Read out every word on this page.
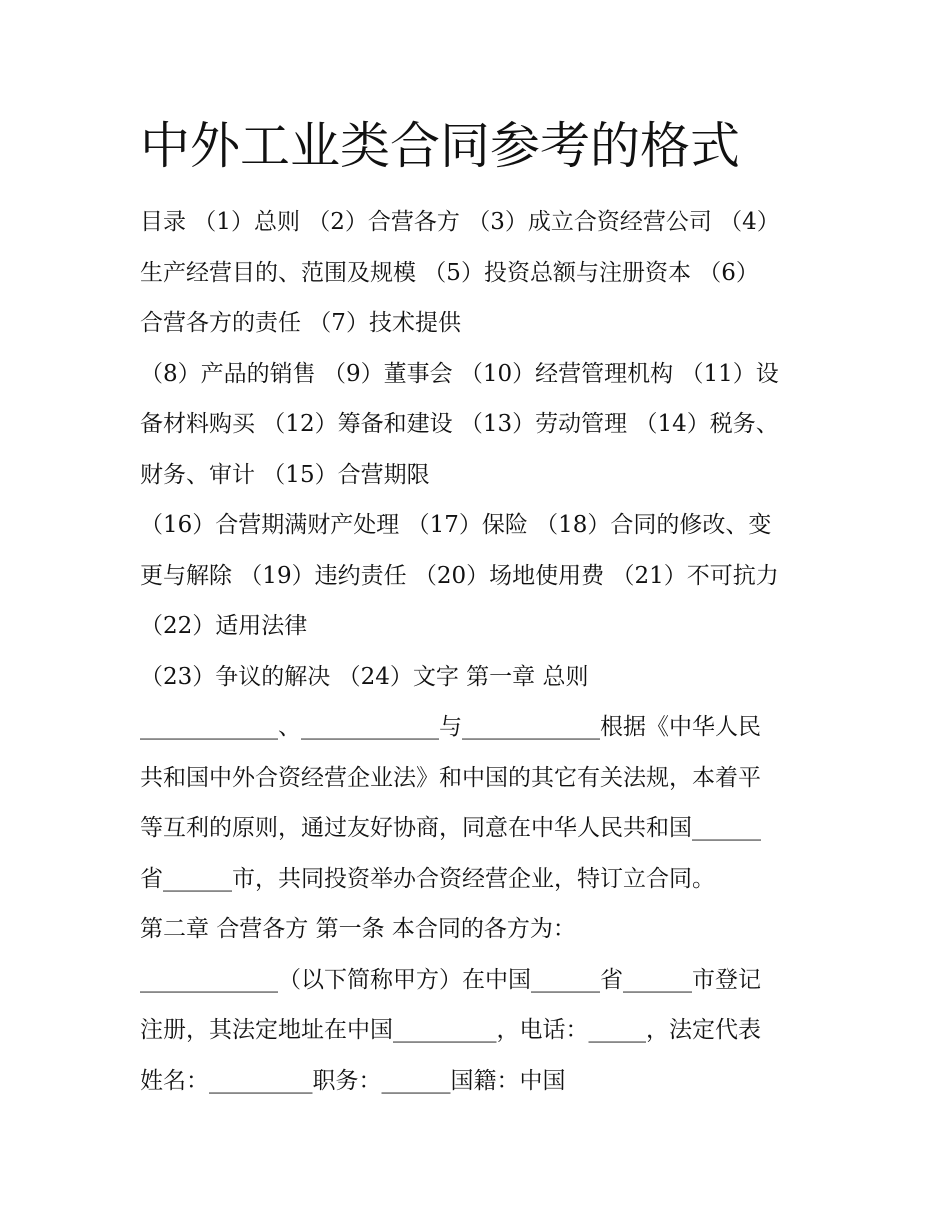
中外工业类合同参考的格式
目录 （1）总则 （2）合营各方 （3）成立合资经营公司 （4）
生产经营目的、范围及规模 （5）投资总额与注册资本 （6）
合营各方的责任 （7）技术提供
（8）产品的销售 （9）董事会 （10）经营管理机构 （11）设
备材料购买 （12）筹备和建设 （13）劳动管理 （14）税务、
财务、审计 （15）合营期限
（16）合营期满财产处理 （17）保险 （18）合同的修改、变
更与解除 （19）违约责任 （20）场地使用费 （21）不可抗力
（22）适用法律
（23）争议的解决 （24）文字 第一章 总则
____________、____________与____________根据《中华人民
共和国中外合资经营企业法》和中国的其它有关法规，本着平
等互利的原则，通过友好协商，同意在中华人民共和国______
省______市，共同投资举办合资经营企业，特订立合同。
第二章 合营各方 第一条 本合同的各方为：
____________（以下简称甲方）在中国______省______市登记
注册，其法定地址在中国_________，电话：_____，法定代表
姓名：_________职务：______国籍：中国
